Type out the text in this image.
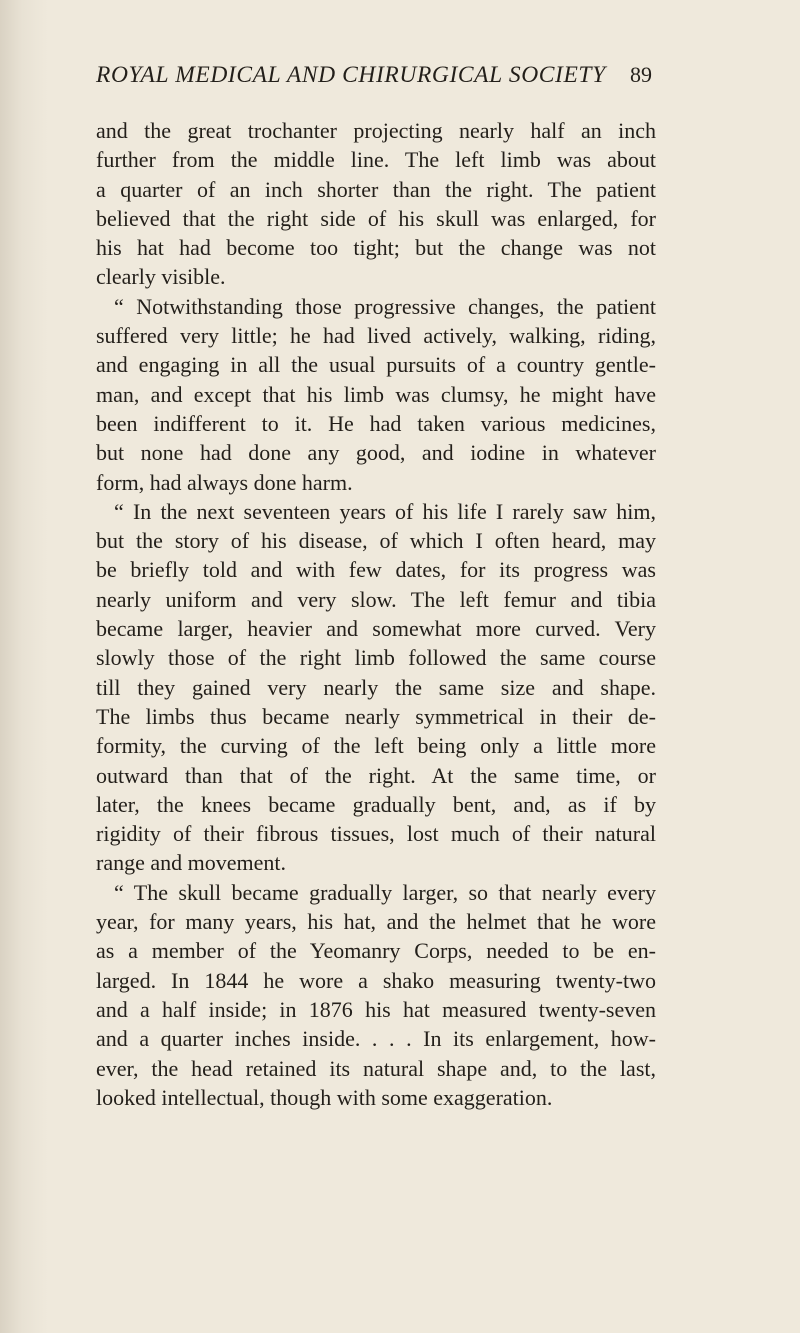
ROYAL MEDICAL AND CHIRURGICAL SOCIETY 89
and the great trochanter projecting nearly half an inch
further from the middle line. The left limb was about
a quarter of an inch shorter than the right. The patient
believed that the right side of his skull was enlarged, for
his hat had become too tight; but the change was not
clearly visible.
“ Notwithstanding those progressive changes, the patient
suffered very little; he had lived actively, walking, riding,
and engaging in all the usual pursuits of a country gentle-
man, and except that his limb was clumsy, he might have
been indifferent to it. He had taken various medicines,
but none had done any good, and iodine in whatever
form, had always done harm.
“ In the next seventeen years of his life I rarely saw him,
but the story of his disease, of which I often heard, may
be briefly told and with few dates, for its progress was
nearly uniform and very slow. The left femur and tibia
became larger, heavier and somewhat more curved. Very
slowly those of the right limb followed the same course
till they gained very nearly the same size and shape.
The limbs thus became nearly symmetrical in their de-
formity, the curving of the left being only a little more
outward than that of the right. At the same time, or
later, the knees became gradually bent, and, as if by
rigidity of their fibrous tissues, lost much of their natural
range and movement.
“ The skull became gradually larger, so that nearly every
year, for many years, his hat, and the helmet that he wore
as a member of the Yeomanry Corps, needed to be en-
larged. In 1844 he wore a shako measuring twenty-two
and a half inside; in 1876 his hat measured twenty-seven
and a quarter inches inside. . . . In its enlargement, how-
ever, the head retained its natural shape and, to the last,
looked intellectual, though with some exaggeration.
